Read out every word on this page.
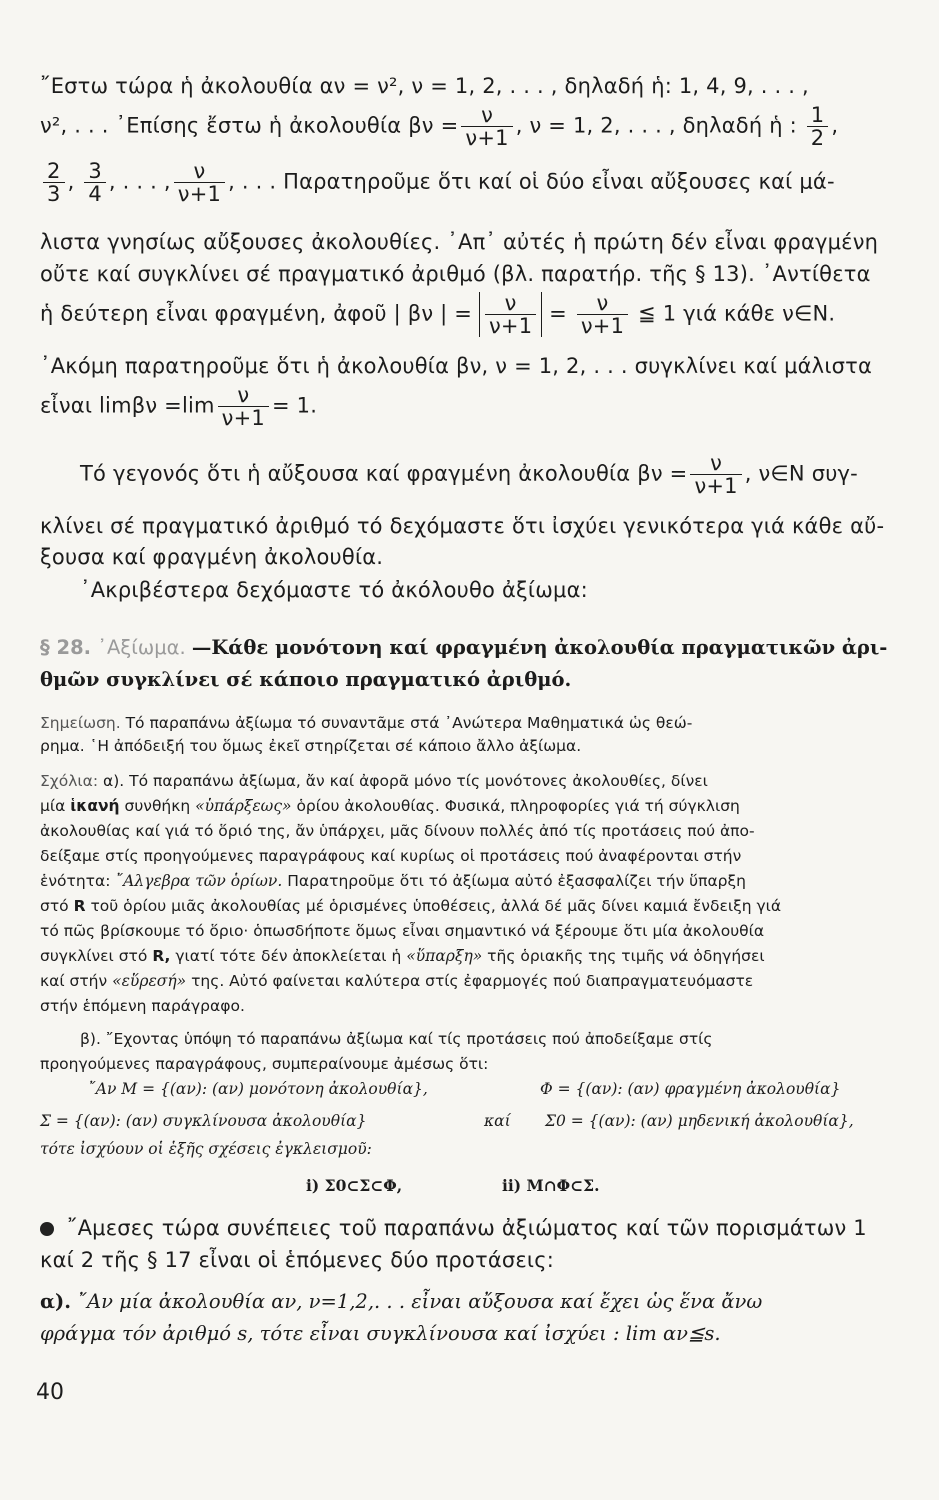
῎Εστω τώρα ἡ ἀκολουθία αν = ν², ν = 1, 2, . . . , δηλαδή ἡ: 1, 4, 9, . . . ,
ν², . . . ᾽Επίσης ἔστω ἡ ἀκολουθία $\beta\nu = \frac{\nu}{\nu+1}$ , ν = 1, 2, . . . , δηλαδή ἡ : $\frac{1}{2}$ ,
$\frac{2}{3}$ , $\frac{3}{4}$ , . . . , $\frac{\nu}{\nu+1}$ , . . . Παρατηροῦμε ὅτι καί οἱ δύο εἶναι αὔξουσες καί μά-
λιστα γνησίως αὔξουσες ἀκολουθίες. ᾽Απ᾽ αὐτές ἡ πρώτη δέν εἶναι φραγμένη
οὔτε καί συγκλίνει σέ πραγματικό ἀριθμό (βλ. παρατήρ. τῆς § 13). ᾽Αντίθετα
ἡ δεύτερη εἶναι φραγμένη, ἀφοῦ | βν | = $\frac{\nu}{\nu+1} = \frac{\nu}{\nu+1}$ ≦ 1 γιά κάθε ν∈N.
᾽Ακόμη παρατηροῦμε ὅτι ἡ ἀκολουθία βν, ν = 1, 2, . . . συγκλίνει καί μάλιστα
εἶναι $\lim\beta\nu =\lim \frac{\nu}{\nu+1} = 1$.
Τό γεγονός ὅτι ἡ αὔξουσα καί φραγμένη ἀκολουθία $\beta\nu = \frac{\nu}{\nu+1}$ , ν∈N συγ-
κλίνει σέ πραγματικό ἀριθμό τό δεχόμαστε ὅτι ἰσχύει γενικότερα γιά κάθε αὔ-
ξουσα καί φραγμένη ἀκολουθία.
᾽Ακριβέστερα δεχόμαστε τό ἀκόλουθο ἀξίωμα:
§ 28. ᾽Αξίωμα. —Κάθε μονότονη καί φραγμένη ἀκολουθία πραγματικῶν ἀρι-
θμῶν συγκλίνει σέ κάποιο πραγματικό ἀριθμό.
Σημείωση. Τό παραπάνω ἀξίωμα τό συναντᾶμε στά ᾽Ανώτερα Μαθηματικά ὡς θεώ-
ρημα. ῾Η ἀπόδειξή του ὅμως ἐκεῖ στηρίζεται σέ κάποιο ἄλλο ἀξίωμα.
Σχόλια: α). Τό παραπάνω ἀξίωμα, ἄν καί ἀφορᾶ μόνο τίς μονότονες ἀκολουθίες, δίνει
μία ἱκανή συνθήκη «ὑπάρξεως» ὁρίου ἀκολουθίας. Φυσικά, πληροφορίες γιά τή σύγκλιση
ἀκολουθίας καί γιά τό ὅριό της, ἄν ὑπάρχει, μᾶς δίνουν πολλές ἀπό τίς προτάσεις πού ἀπο-
δείξαμε στίς προηγούμενες παραγράφους καί κυρίως οἱ προτάσεις πού ἀναφέρονται στήν
ἑνότητα: ῎Αλγεβρα τῶν ὁρίων. Παρατηροῦμε ὅτι τό ἀξίωμα αὐτό ἐξασφαλίζει τήν ὕπαρξη
στό R τοῦ ὁρίου μιᾶς ἀκολουθίας μέ ὁρισμένες ὑποθέσεις, ἀλλά δέ μᾶς δίνει καμιά ἔνδειξη γιά
τό πῶς βρίσκουμε τό ὅριο· ὁπωσδήποτε ὅμως εἶναι σημαντικό νά ξέρουμε ὅτι μία ἀκολουθία
συγκλίνει στό R, γιατί τότε δέν ἀποκλείεται ἡ «ὕπαρξη» τῆς ὁριακῆς της τιμῆς νά ὁδηγήσει
καί στήν «εὕρεσή» της. Αὐτό φαίνεται καλύτερα στίς ἐφαρμογές πού διαπραγματευόμαστε
στήν ἑπόμενη παράγραφο.
β). ῎Εχοντας ὑπόψη τό παραπάνω ἀξίωμα καί τίς προτάσεις πού ἀποδείξαμε στίς
προηγούμενες παραγράφους, συμπεραίνουμε ἀμέσως ὅτι:
῎Αν M = {(αν): (αν) μονότονη ἀκολουθία},	Φ = {(αν): (αν) φραγμένη ἀκολουθία}
Σ = {(αν): (αν) συγκλίνουσα ἀκολουθία}	καί	Σ0 = {(αν): (αν) μηδενική ἀκολουθία},
τότε ἰσχύουν οἱ ἑξῆς σχέσεις ἐγκλεισμοῦ:
i) Σ0⊂Σ⊂Φ,	ii) M∩Φ⊂Σ.
῎Αμεσες τώρα συνέπειες τοῦ παραπάνω ἀξιώματος καί τῶν πορισμάτων 1
καί 2 τῆς § 17 εἶναι οἱ ἑπόμενες δύο προτάσεις:
α). ῎Αν μία ἀκολουθία αν, ν=1,2,. . . εἶναι αὔξουσα καί ἔχει ὡς ἕνα ἄνω
φράγμα τόν ἀριθμό s, τότε εἶναι συγκλίνουσα καί ἰσχύει : lim αν≦s.
40
